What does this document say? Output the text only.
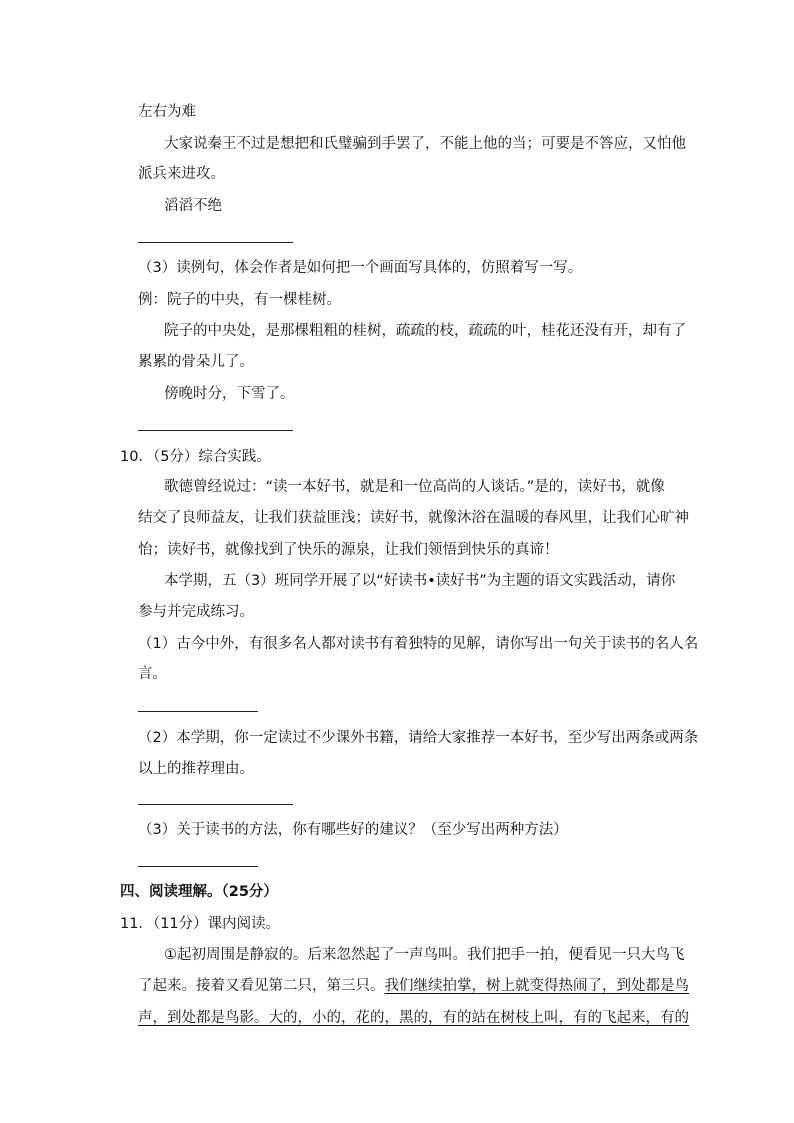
左右为难
大家说秦王不过是想把和氏璧骗到手罢了，不能上他的当；可要是不答应，又怕他
派兵来进攻。
滔滔不绝
（3）读例句，体会作者是如何把一个画面写具体的，仿照着写一写。
例：院子的中央，有一棵桂树。
院子的中央处，是那棵粗粗的桂树，疏疏的枝，疏疏的叶，桂花还没有开，却有了
累累的骨朵儿了。
傍晚时分，下雪了。
10．（5分）综合实践。
歌德曾经说过：“读一本好书，就是和一位高尚的人谈话。”是的，读好书，就像
结交了良师益友，让我们获益匪浅；读好书，就像沐浴在温暖的春风里，让我们心旷神
怡；读好书，就像找到了快乐的源泉，让我们领悟到快乐的真谛！
本学期，五（3）班同学开展了以“好读书•读好书”为主题的语文实践活动，请你
参与并完成练习。
（1）古今中外，有很多名人都对读书有着独特的见解，请你写出一句关于读书的名人名
言。
（2）本学期，你一定读过不少课外书籍，请给大家推荐一本好书，至少写出两条或两条
以上的推荐理由。
（3）关于读书的方法，你有哪些好的建议？（至少写出两种方法）
四、阅读理解。（25分）
11．（11分）课内阅读。
①起初周围是静寂的。后来忽然起了一声鸟叫。我们把手一拍，便看见一只大鸟飞
了起来。接着又看见第二只，第三只。我们继续拍掌，树上就变得热闹了，到处都是鸟
声，到处都是鸟影。大的，小的，花的，黑的，有的站在树枝上叫，有的飞起来，有的
